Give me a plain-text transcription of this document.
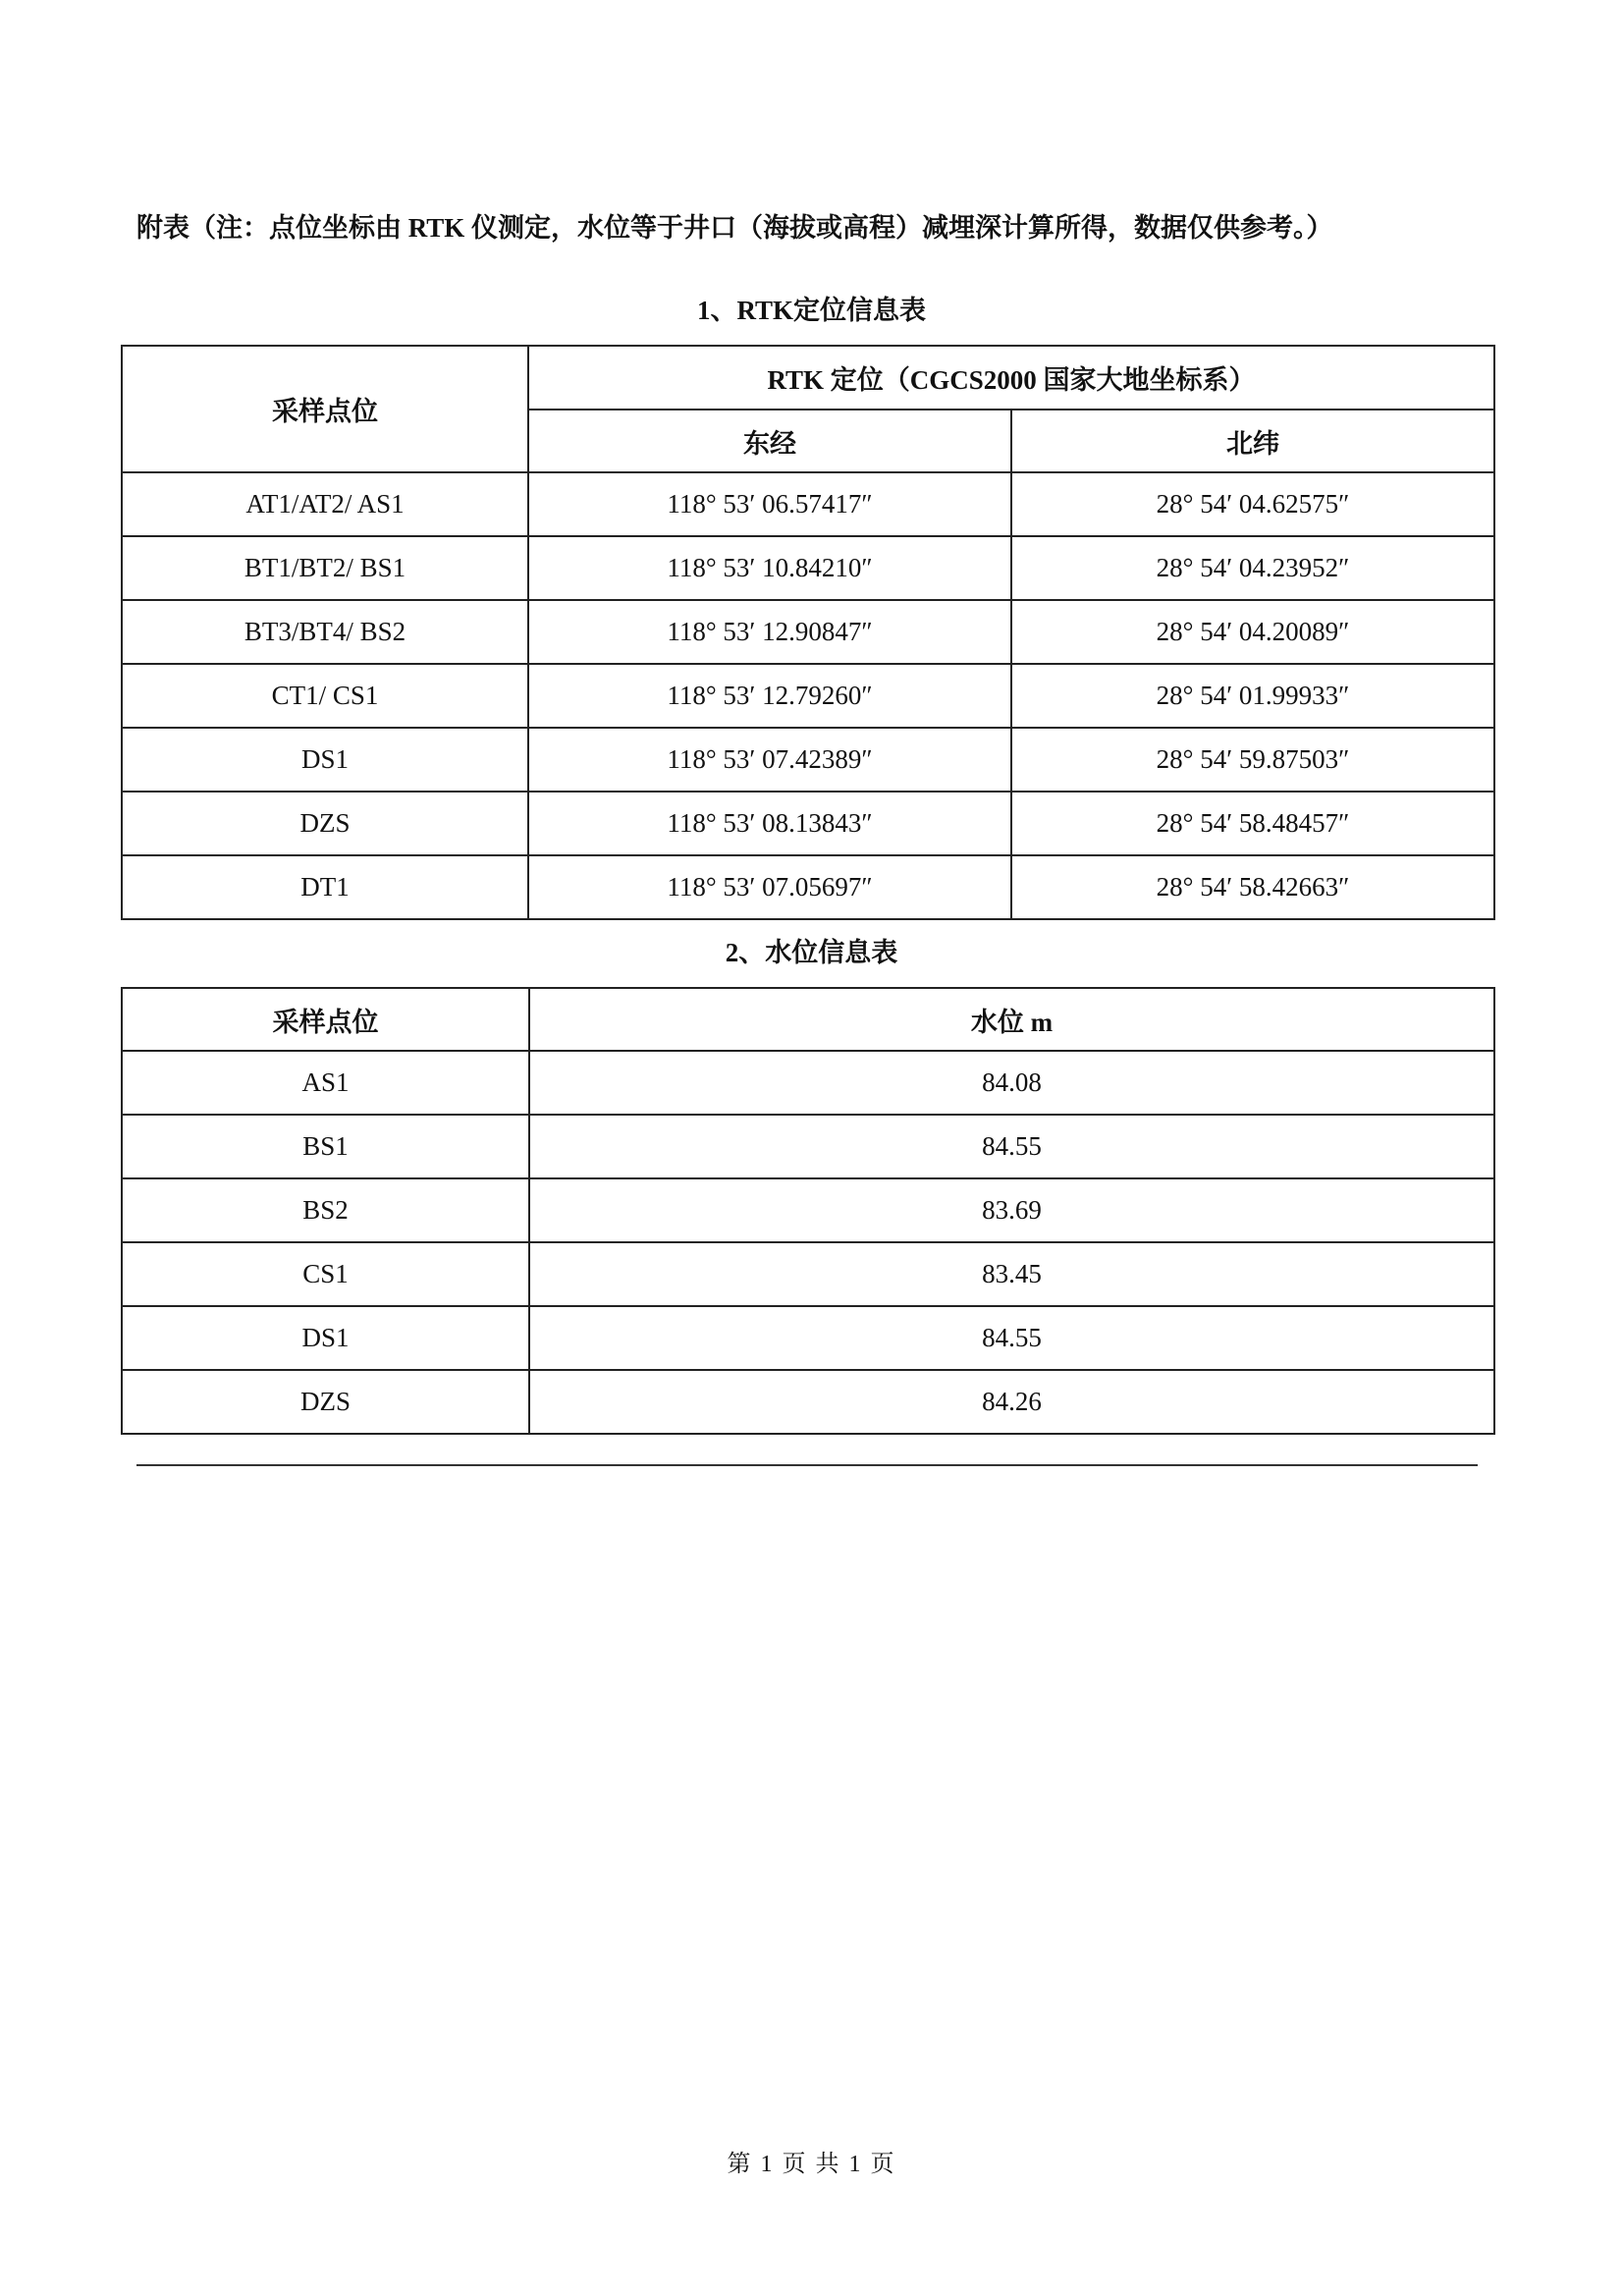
附表（注：点位坐标由 RTK 仪测定，水位等于井口（海拔或高程）减埋深计算所得，数据仅供参考。）
1、RTK定位信息表
采样点位	RTK 定位（CGCS2000 国家大地坐标系）	
	东经	北纬
AT1/AT2/ AS1	118° 53′ 06.57417″	28° 54′ 04.62575″
BT1/BT2/ BS1	118° 53′ 10.84210″	28° 54′ 04.23952″
BT3/BT4/ BS2	118° 53′ 12.90847″	28° 54′ 04.20089″
CT1/ CS1	118° 53′ 12.79260″	28° 54′ 01.99933″
DS1	118° 53′ 07.42389″	28° 54′ 59.87503″
DZS	118° 53′ 08.13843″	28° 54′ 58.48457″
DT1	118° 53′ 07.05697″	28° 54′ 58.42663″
2、水位信息表
采样点位	水位 m
AS1	84.08
BS1	84.55
BS2	83.69
CS1	83.45
DS1	84.55
DZS	84.26
第 1 页 共 1 页
